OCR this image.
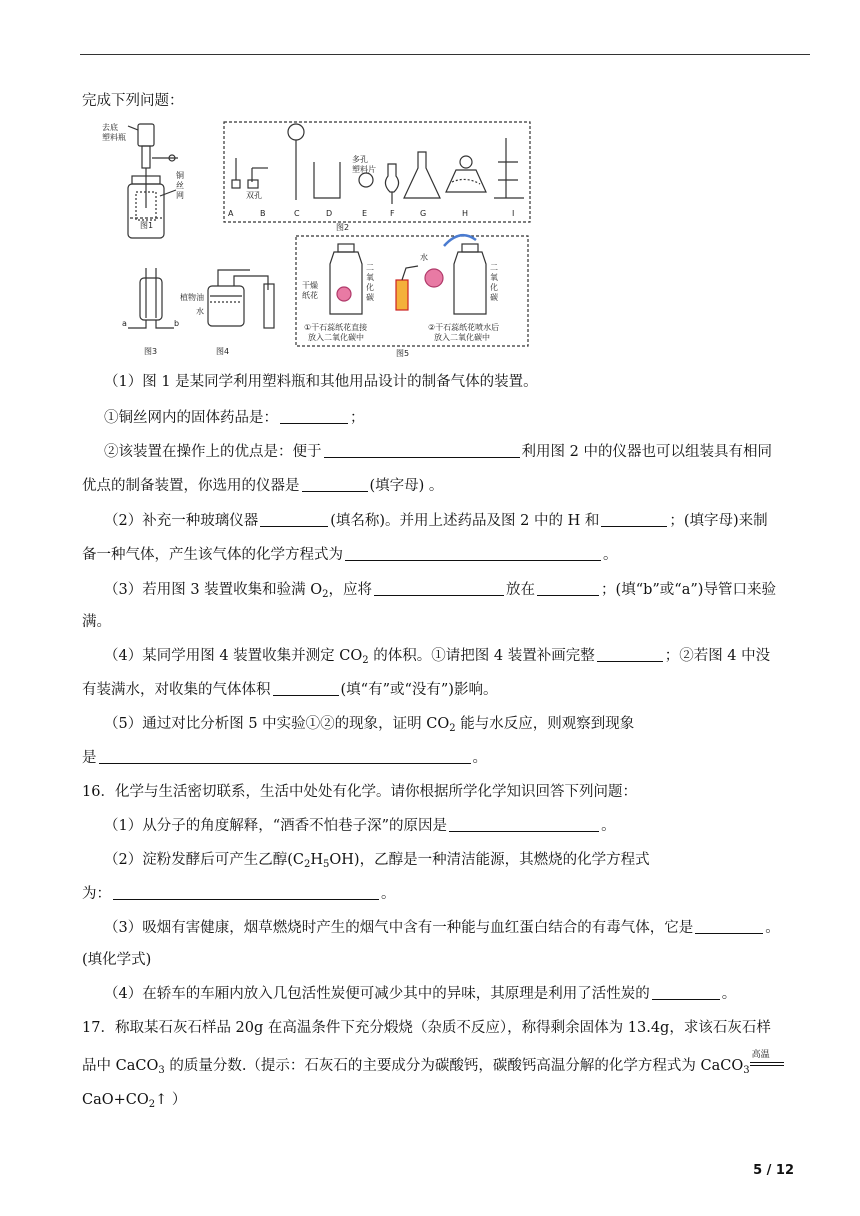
完成下列问题：
去底
塑料瓶
铜
丝
网
图1
双孔
多孔
塑料片
A	B	C	D	E	F	G	H	I
图2
a	b
图3
植物油
水
图4
干燥
纸花
二
氧
化
碳
二
氧
化
碳
水
①干石蕊纸花直接
放入二氧化碳中
②干石蕊纸花喷水后
放入二氧化碳中
图5
（1）图 1 是某同学利用塑料瓶和其他用品设计的制备气体的装置。
①铜丝网内的固体药品是：	；
②该装置在操作上的优点是：便于	利用图 2 中的仪器也可以组装具有相同
优点的制备装置，你选用的仪器是	(填字母) 。
（2）补充一种玻璃仪器	(填名称)。并用上述药品及图 2 中的 H 和	；(填字母)来制
备一种气体，产生该气体的化学方程式为	。
（3）若用图 3 装置收集和验满 $O_2$，应将	放在	；(填“b”或“a”)导管口来验
满。
（4）某同学用图 4 装置收集并测定 $CO_2$ 的体积。①请把图 4 装置补画完整	；②若图 4 中没
有装满水，对收集的气体体积	(填“有”或“没有”)影响。
（5）通过对比分析图 5 中实验①②的现象，证明 $CO_2$ 能与水反应，则观察到现象
是	。
16．化学与生活密切联系，生活中处处有化学。请你根据所学化学知识回答下列问题：
（1）从分子的角度解释，“酒香不怕巷子深”的原因是	。
（2）淀粉发酵后可产生乙醇$(C_2H_5OH)$，乙醇是一种清洁能源，其燃烧的化学方程式
为：	。
（3）吸烟有害健康，烟草燃烧时产生的烟气中含有一种能与血红蛋白结合的有毒气体，它是	。
(填化学式)
（4）在轿车的车厢内放入几包活性炭便可减少其中的异味，其原理是利用了活性炭的	。
17．称取某石灰石样品 20g 在高温条件下充分煅烧（杂质不反应），称得剩余固体为 13.4g，求该石灰石样
品中 CaCO$_3$ 的质量分数.（提示：石灰石的主要成分为碳酸钙，碳酸钙高温分解的化学方程式为 CaCO$_3$
高温
$CaO+CO_2↑$ ）
5 / 12
